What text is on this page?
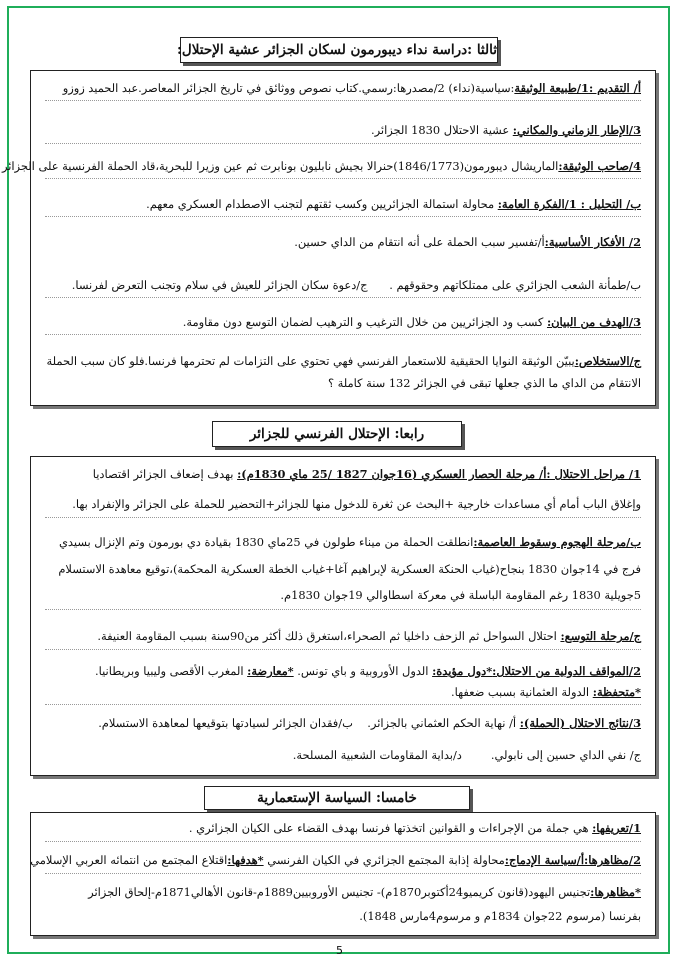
ثالثا :دراسة نداء ديبورمون لسكان الجزائر عشية الإحتلال:
أ/ التقديم :1/طبيعة الوثيقة:سياسية(نداء) 2/مصدرها:رسمي.كتاب نصوص ووثائق في تاريخ الجزائر المعاصر.عبد الحميد زوزو
3/الإطار الزماني والمكاني: عشية الاحتلال 1830 الجزائر.
4/صاحب الوثيقة:الماريشال ديبورمون(1846/1773)حنرالا بجيش نابليون بونابرت ثم عين وزيرا للبحرية،قاد الحملة الفرنسية على الجزائر
ب/ التحليل : 1/الفكرة العامة: محاولة استمالة الجزائريين وكسب ثقتهم لتجنب الاصطدام العسكري معهم.
2/ الأفكار الأساسية:أ/تفسير سبب الحملة على أنه انتقام من الداي حسين.
ب/طمأنة الشعب الجزائري على ممتلكاتهم وحقوقهم .      ج/دعوة سكان الجزائر للعيش في سلام وتجنب التعرض لفرنسا.
3/الهدف من البيان: كسب ود الجزائريين من خلال الترغيب و الترهيب لضمان التوسع دون مقاومة.
ج/الاستخلاص:يبيّن الوثيقة النوايا الحقيقية للاستعمار الفرنسي فهي تحتوي على التزامات لم تحترمها فرنسا.فلو كان سبب الحملة
الانتقام من الداي ما الذي جعلها تبقى في الجزائر 132 سنة كاملة ؟
رابعا: الإحتلال الفرنسي للجزائر
1/ مراحل الاحتلال :أ/ مرحلة الحصار العسكري (16جوان 1827 /25 ماي 1830م): بهدف إضعاف الجزائر اقتصاديا
وإغلاق الباب أمام أي مساعدات خارجية +البحث عن ثغرة للدخول منها للجزائر+التحضير للحملة على الجزائر والإنفراد بها.
ب/مرحلة الهجوم وسقوط العاصمة:انطلقت الحملة من ميناء طولون في 25ماي 1830 بقيادة دي بورمون وتم الإنزال بسيدي
فرج في 14جوان 1830 بنجاح(غياب الحنكة العسكرية لإبراهيم آغا+غياب الخطة العسكرية المحكمة)،توقيع معاهدة الاستسلام
5جويلية 1830 رغم المقاومة الباسلة في معركة اسطاوالي 19جوان 1830م.
ج/مرحلة التوسع: احتلال السواحل ثم الزحف داخليا ثم الصحراء،استغرق ذلك أكثر من90سنة بسبب المقاومة العنيفة.
2/المواقف الدولية من الاحتلال:*دول مؤيدة: الدول الأوروبية و باي تونس. *معارضة: المغرب الأقصى وليبيا وبريطانيا.
*متحفظة: الدولة العثمانية بسبب ضعفها.
3/نتائج الاحتلال (الحملة): أ/ نهاية الحكم العثماني بالجزائر.    ب/فقدان الجزائر لسيادتها بتوقيعها لمعاهدة الاستسلام.
ج/ نفي الداي حسين إلى نابولي.        د/بداية المقاومات الشعبية المسلحة.
خامسا: السياسة الإستعمارية
1/تعريفها: هي جملة من الإجراءات و القوانين اتخذتها فرنسا بهدف القضاء على الكيان الجزائري .
2/مظاهرها:أ/سياسة الإدماج:محاولة إذابة المجتمع الجزائري في الكيان الفرنسي *هدفها:اقتلاع المجتمع من انتمائه العربي الإسلامي
*مظاهرها:تجنيس اليهود(قانون كريميو24أكتوبر1870م)- تجنيس الأوروبيين1889م-قانون الأهالي1871م-إلحاق الجزائر
بفرنسا (مرسوم 22جوان 1834م و مرسوم4مارس 1848).
5
